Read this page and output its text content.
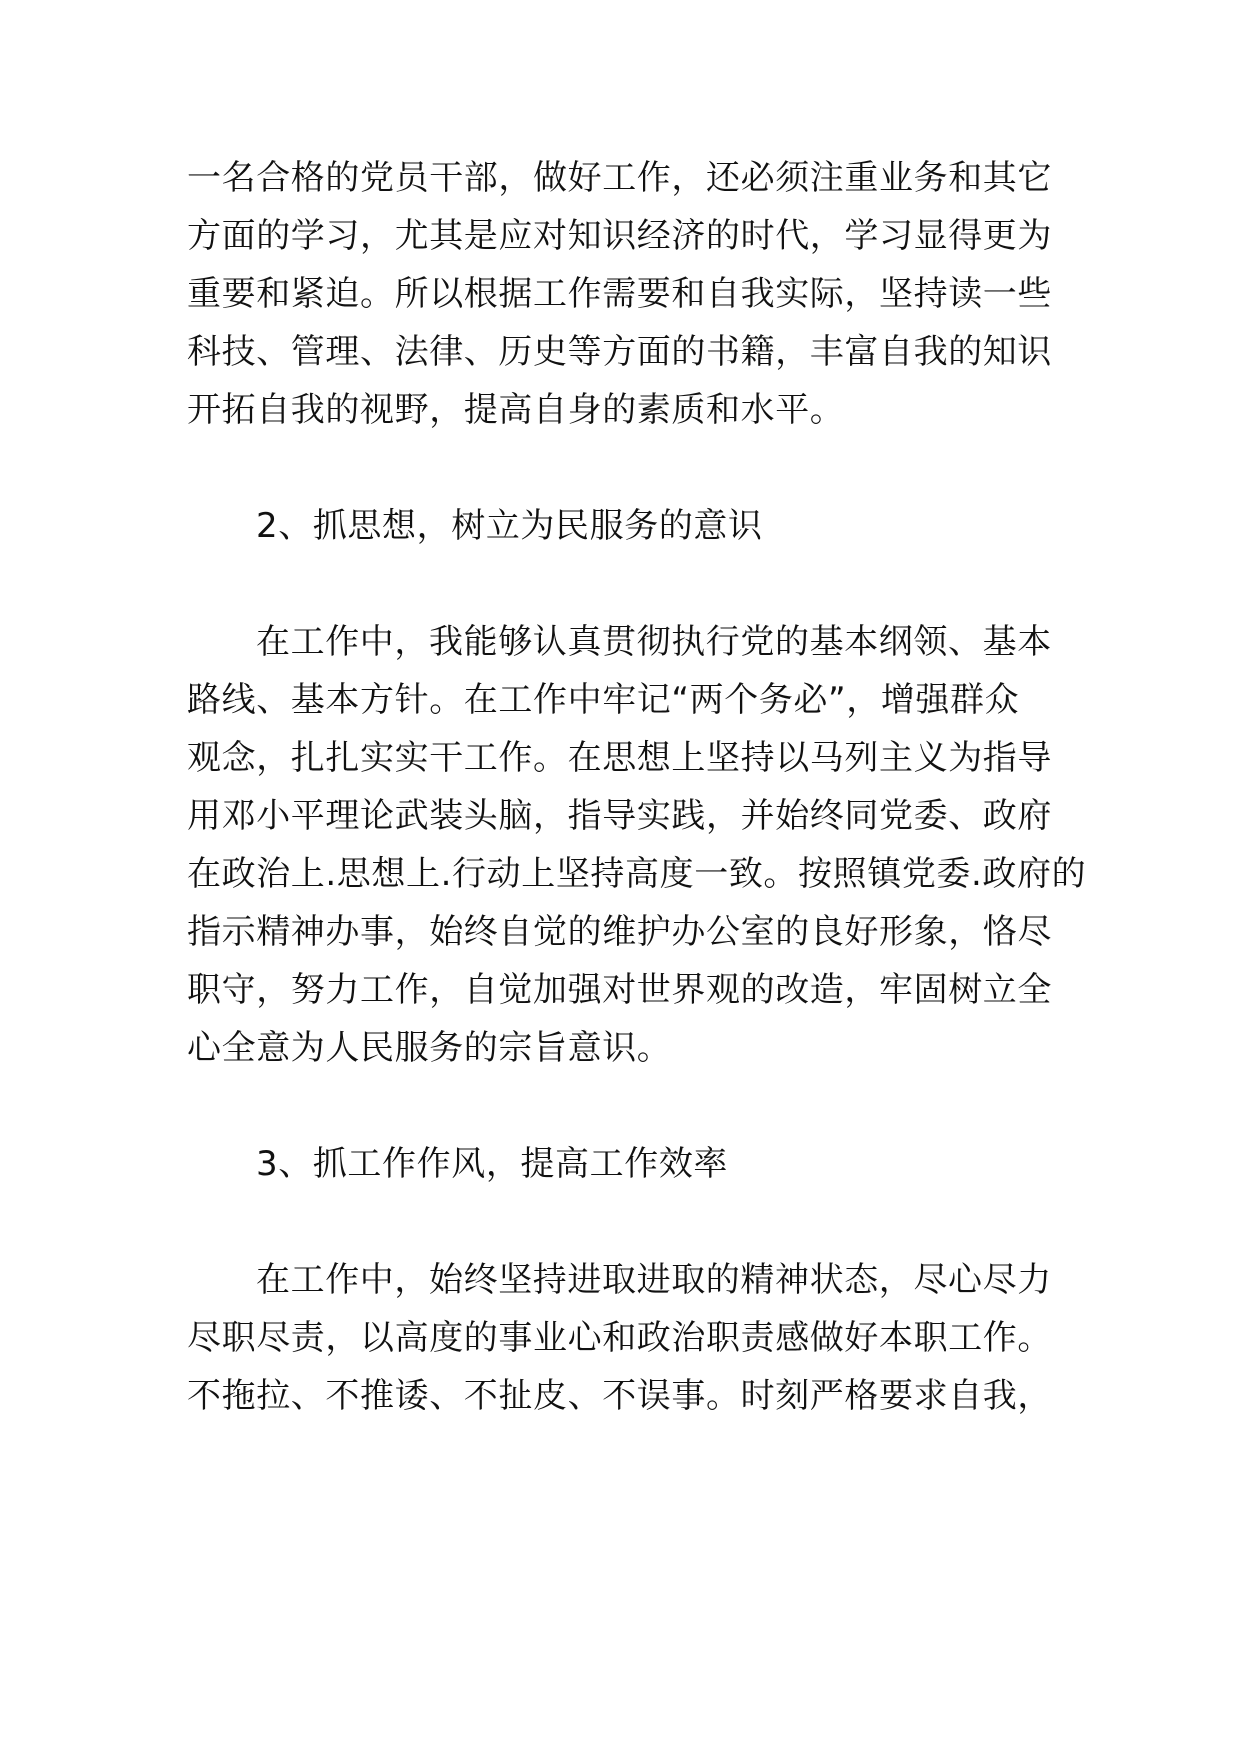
一名合格的党员干部，做好工作，还必须注重业务和其它
方面的学习，尤其是应对知识经济的时代，学习显得更为
重要和紧迫。所以根据工作需要和自我实际，坚持读一些
科技、管理、法律、历史等方面的书籍，丰富自我的知识
开拓自我的视野，提高自身的素质和水平。
2、抓思想，树立为民服务的意识
在工作中，我能够认真贯彻执行党的基本纲领、基本
路线、基本方针。在工作中牢记“两个务必”，增强群众
观念，扎扎实实干工作。在思想上坚持以马列主义为指导
用邓小平理论武装头脑，指导实践，并始终同党委、政府
在政治上.思想上.行动上坚持高度一致。按照镇党委.政府的
指示精神办事，始终自觉的维护办公室的良好形象，恪尽
职守，努力工作，自觉加强对世界观的改造，牢固树立全
心全意为人民服务的宗旨意识。
3、抓工作作风，提高工作效率
在工作中，始终坚持进取进取的精神状态，尽心尽力
尽职尽责，以高度的事业心和政治职责感做好本职工作。
不拖拉、不推诿、不扯皮、不误事。时刻严格要求自我，
